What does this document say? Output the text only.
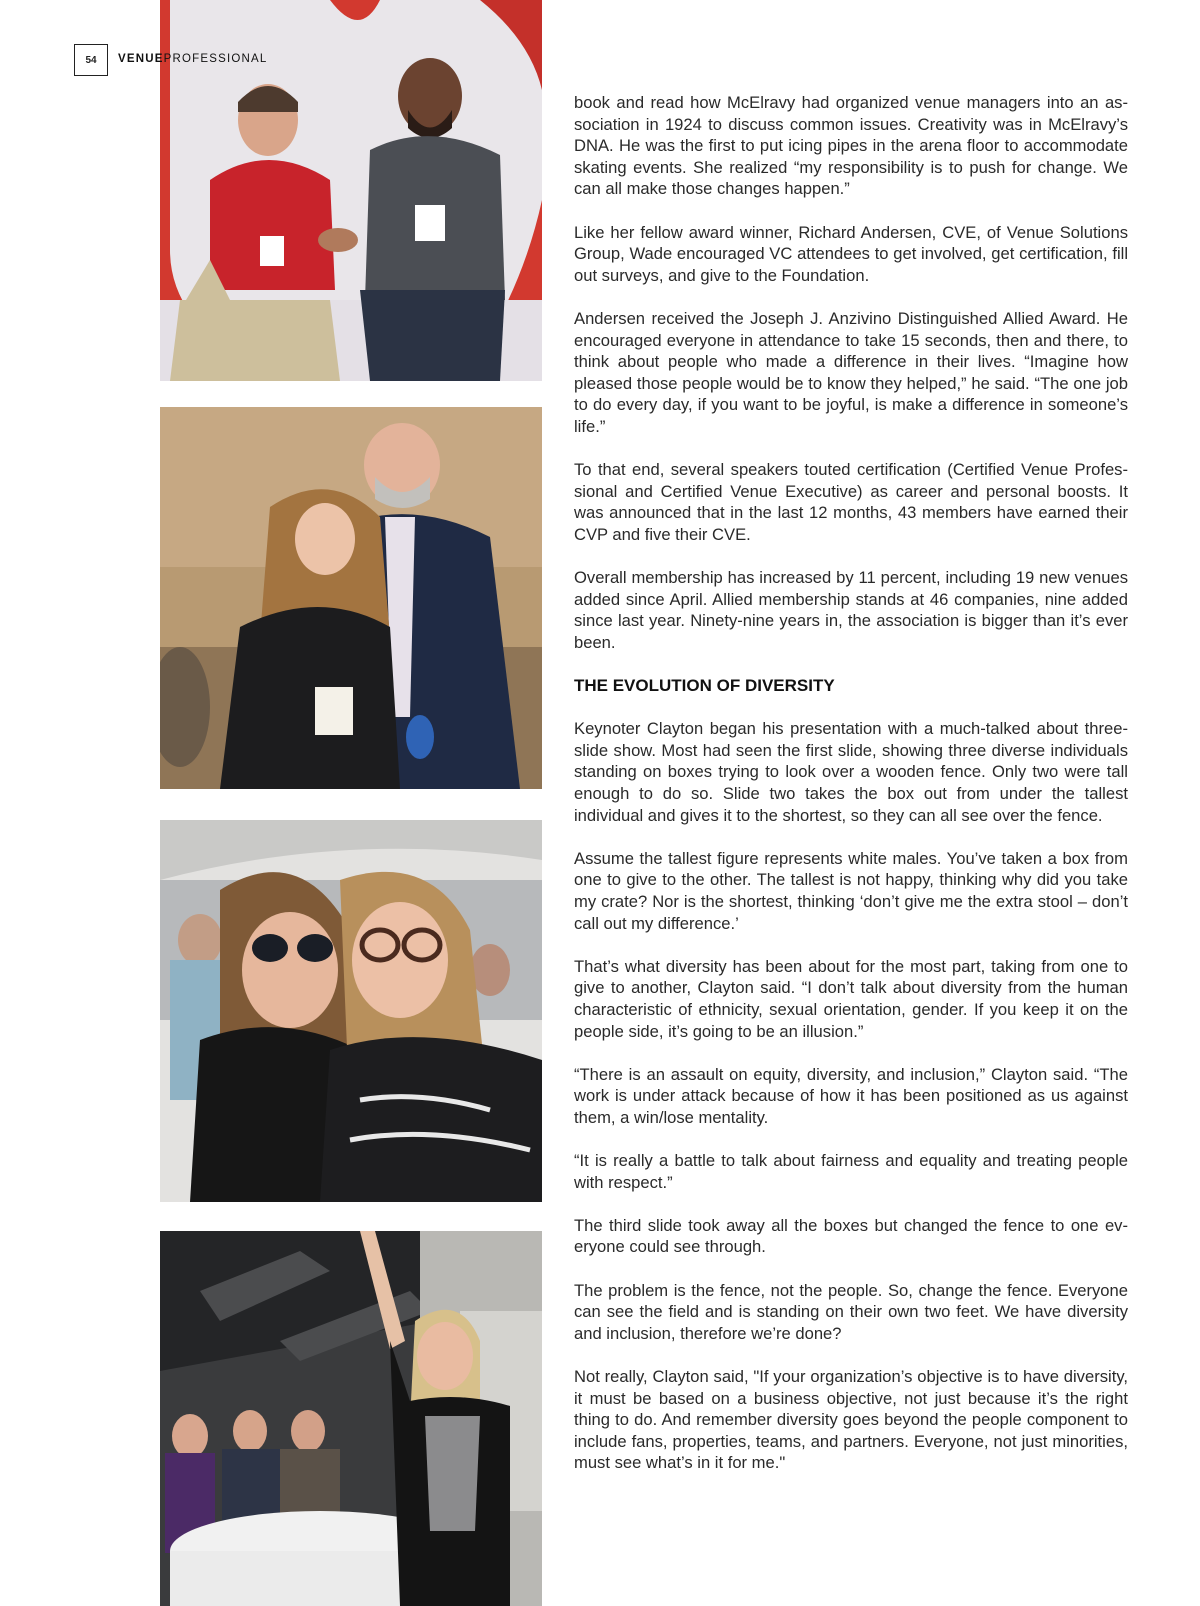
54 VENUEPROFESSIONAL

book and read how McElravy had organized venue managers into an association in 1924 to discuss common issues. Creativity was in McElravy’s DNA. He was the first to put icing pipes in the arena floor to accommodate skating events. She realized “my responsibility is to push for change. We can all make those changes happen.”

Like her fellow award winner, Richard Andersen, CVE, of Venue Solutions Group, Wade encouraged VC attendees to get involved, get certification, fill out surveys, and give to the Foundation.

Andersen received the Joseph J. Anzivino Distinguished Allied Award. He encouraged everyone in attendance to take 15 seconds, then and there, to think about people who made a difference in their lives. “Imagine how pleased those people would be to know they helped,” he said. “The one job to do every day, if you want to be joyful, is make a difference in someone’s life.”

To that end, several speakers touted certification (Certified Venue Professional and Certified Venue Executive) as career and personal boosts. It was announced that in the last 12 months, 43 members have earned their CVP and five their CVE.

Overall membership has increased by 11 percent, including 19 new venues added since April. Allied membership stands at 46 companies, nine added since last year. Ninety-nine years in, the association is bigger than it’s ever been.

THE EVOLUTION OF DIVERSITY

Keynoter Clayton began his presentation with a much-talked about three-slide show. Most had seen the first slide, showing three diverse individuals standing on boxes trying to look over a wooden fence. Only two were tall enough to do so. Slide two takes the box out from under the tallest individual and gives it to the shortest, so they can all see over the fence.

Assume the tallest figure represents white males. You’ve taken a box from one to give to the other. The tallest is not happy, thinking why did you take my crate? Nor is the shortest, thinking ‘don’t give me the extra stool – don’t call out my difference.’

That’s what diversity has been about for the most part, taking from one to give to another, Clayton said. “I don’t talk about diversity from the human characteristic of ethnicity, sexual orientation, gender. If you keep it on the people side, it’s going to be an illusion.”

“There is an assault on equity, diversity, and inclusion,” Clayton said. “The work is under attack because of how it has been positioned as us against them, a win/lose mentality.

“It is really a battle to talk about fairness and equality and treating people with respect.”

The third slide took away all the boxes but changed the fence to one everyone could see through.

The problem is the fence, not the people. So, change the fence. Everyone can see the field and is standing on their own two feet. We have diversity and inclusion, therefore we’re done?

Not really, Clayton said, "If your organization’s objective is to have diversity, it must be based on a business objective, not just because it’s the right thing to do. And remember diversity goes beyond the people component to include fans, properties, teams, and partners. Everyone, not just minorities, must see what’s in it for me."
